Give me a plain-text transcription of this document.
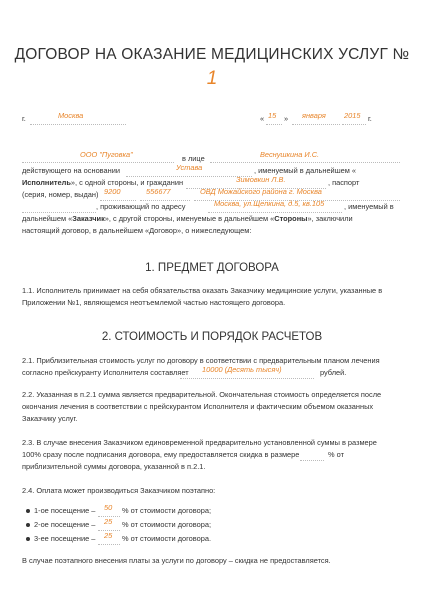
ДОГОВОР НА ОКАЗАНИЕ МЕДИЦИНСКИХ УСЛУГ №
1
г.	Москва	« 15 » января 2015 г.
ООО "Пуговка"	в лице	Веснушкина И.С.
действующего на основании	Устава	, именуемый в дальнейшем «
Исполнитель», с одной стороны, и гражданин	Зимовкин Л.В.	, паспорт
(серия, номер, выдан) 9200	556677	ОВД Можайского района г. Москва
, проживающий по адресу	Москва, ул.Щепкина, д.5, кв.105	, именуемый в
дальнейшем «Заказчик», с другой стороны, именуемые в дальнейшем «Стороны», заключили
настоящий договор, в дальнейшем «Договор», о нижеследующем:
1. ПРЕДМЕТ ДОГОВОРА
1.1. Исполнитель принимает на себя обязательства оказать Заказчику медицинские услуги, указанные в
Приложении №1, являющемся неотъемлемой частью настоящего договора.
2. СТОИМОСТЬ И ПОРЯДОК РАСЧЕТОВ
2.1. Приблизительная стоимость услуг по договору в соответствии с предварительным планом лечения
согласно прейскуранту Исполнителя составляет 10000 (Десять тысяч)	рублей.
2.2. Указанная в п.2.1 сумма является предварительной. Окончательная стоимость определяется после
окончания лечения в соответствии с прейскурантом Исполнителя и фактическим объемом оказанных
Заказчику услуг.
2.3. В случае внесения Заказчиком единовременной предварительно установленной суммы в размере
100% сразу после подписания договора, ему предоставляется скидка в размере	% от
приблизительной суммы договора, указанной в п.2.1.
2.4. Оплата может производиться Заказчиком поэтапно:
1-ое посещение – 50 % от стоимости договора;
2-ое посещение – 25 % от стоимости договора;
3-ее посещение – 25 % от стоимости договора.
В случае поэтапного внесения платы за услуги по договору – скидка не предоставляется.
